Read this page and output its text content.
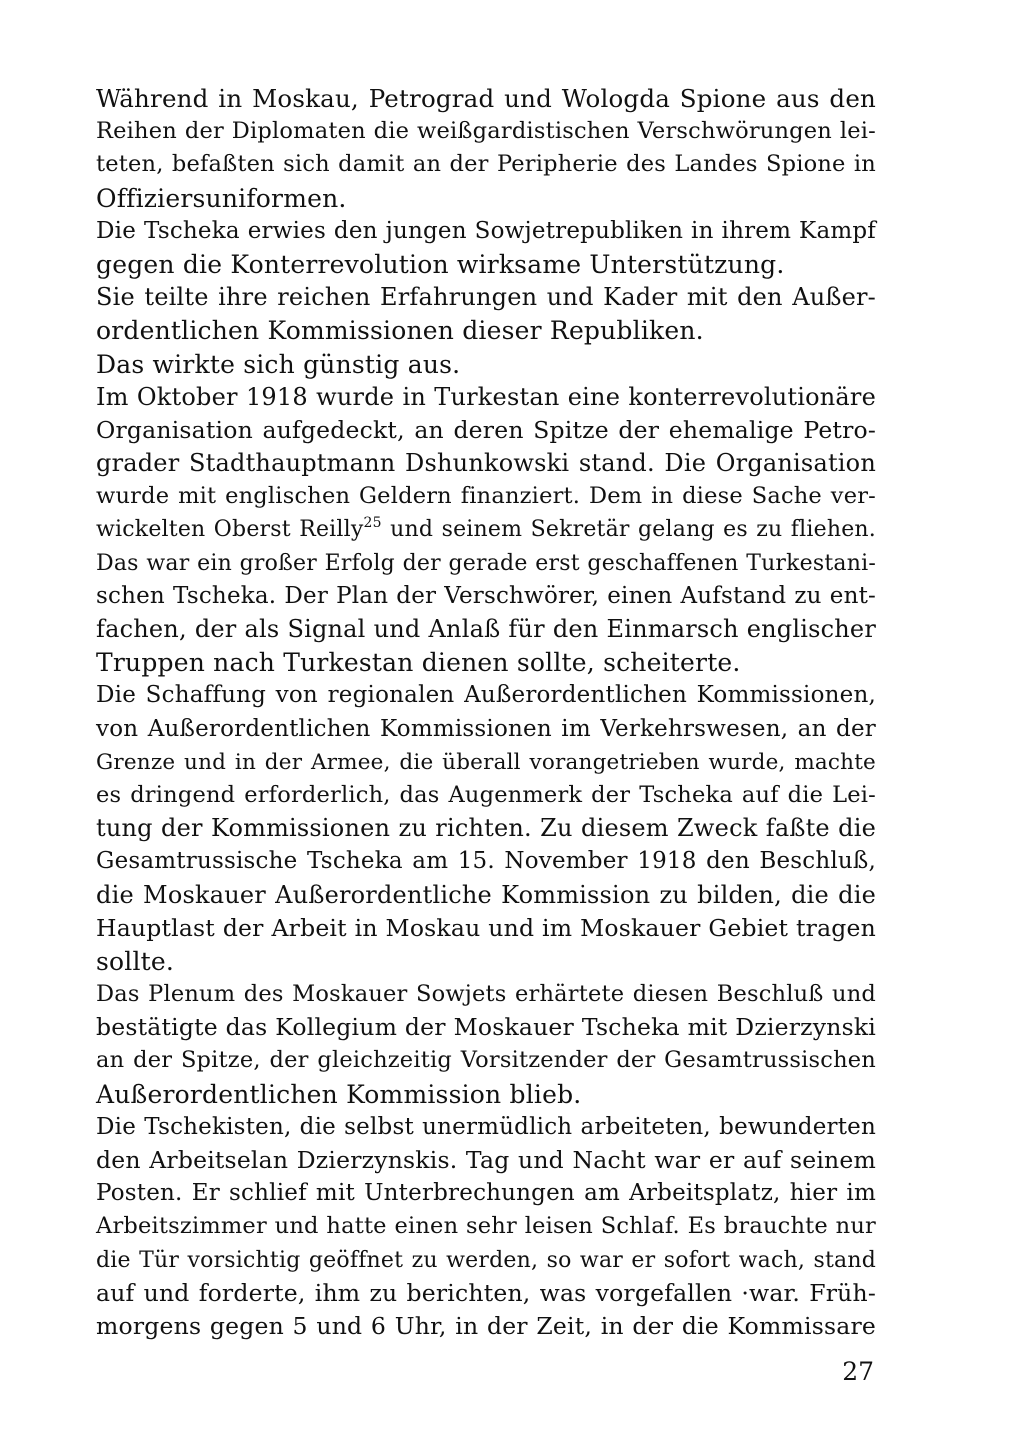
Während in Moskau, Petrograd und Wologda Spione aus den
Reihen der Diplomaten die weißgardistischen Verschwörungen lei-
teten, befaßten sich damit an der Peripherie des Landes Spione in
Offiziersuniformen.
Die Tscheka erwies den jungen Sowjetrepubliken in ihrem Kampf
gegen die Konterrevolution wirksame Unterstützung.
Sie teilte ihre reichen Erfahrungen und Kader mit den Außer-
ordentlichen Kommissionen dieser Republiken.
Das wirkte sich günstig aus.
Im Oktober 1918 wurde in Turkestan eine konterrevolutionäre
Organisation aufgedeckt, an deren Spitze der ehemalige Petro-
grader Stadthauptmann Dshunkowski stand. Die Organisation
wurde mit englischen Geldern finanziert. Dem in diese Sache ver-
wickelten Oberst Reilly$^{25}$ und seinem Sekretär gelang es zu fliehen.
Das war ein großer Erfolg der gerade erst geschaffenen Turkestani-
schen Tscheka. Der Plan der Verschwörer, einen Aufstand zu ent-
fachen, der als Signal und Anlaß für den Einmarsch englischer
Truppen nach Turkestan dienen sollte, scheiterte.
Die Schaffung von regionalen Außerordentlichen Kommissionen,
von Außerordentlichen Kommissionen im Verkehrswesen, an der
Grenze und in der Armee, die überall vorangetrieben wurde, machte
es dringend erforderlich, das Augenmerk der Tscheka auf die Lei-
tung der Kommissionen zu richten. Zu diesem Zweck faßte die
Gesamtrussische Tscheka am 15. November 1918 den Beschluß,
die Moskauer Außerordentliche Kommission zu bilden, die die
Hauptlast der Arbeit in Moskau und im Moskauer Gebiet tragen
sollte.
Das Plenum des Moskauer Sowjets erhärtete diesen Beschluß und
bestätigte das Kollegium der Moskauer Tscheka mit Dzierzynski
an der Spitze, der gleichzeitig Vorsitzender der Gesamtrussischen
Außerordentlichen Kommission blieb.
Die Tschekisten, die selbst unermüdlich arbeiteten, bewunderten
den Arbeitselan Dzierzynskis. Tag und Nacht war er auf seinem
Posten. Er schlief mit Unterbrechungen am Arbeitsplatz, hier im
Arbeitszimmer und hatte einen sehr leisen Schlaf. Es brauchte nur
die Tür vorsichtig geöffnet zu werden, so war er sofort wach, stand
auf und forderte, ihm zu berichten, was vorgefallen ·war. Früh-
morgens gegen 5 und 6 Uhr, in der Zeit, in der die Kommissare
27
